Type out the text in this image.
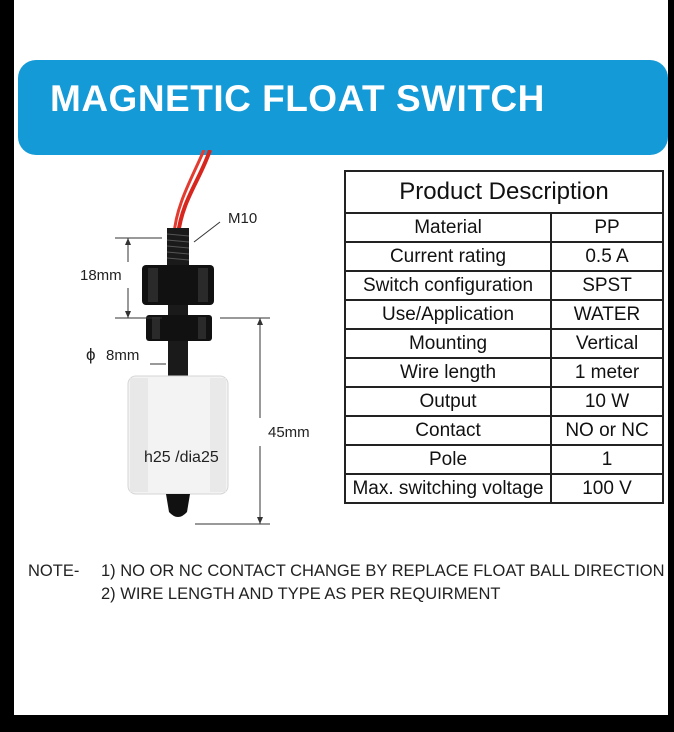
MAGNETIC FLOAT SWITCH
M10
18mm
ϕ 8mm
45mm
h25 /dia25
Product Description	
Material	PP
Current rating	0.5 A
Switch configuration	SPST
Use/Application	WATER
Mounting	Vertical
Wire length	1 meter
Output	10 W
Contact	NO or NC
Pole	1
Max. switching voltage	100 V
NOTE- 1) NO OR NC CONTACT CHANGE BY REPLACE FLOAT BALL DIRECTION
2) WIRE LENGTH AND TYPE AS PER REQUIRMENT
